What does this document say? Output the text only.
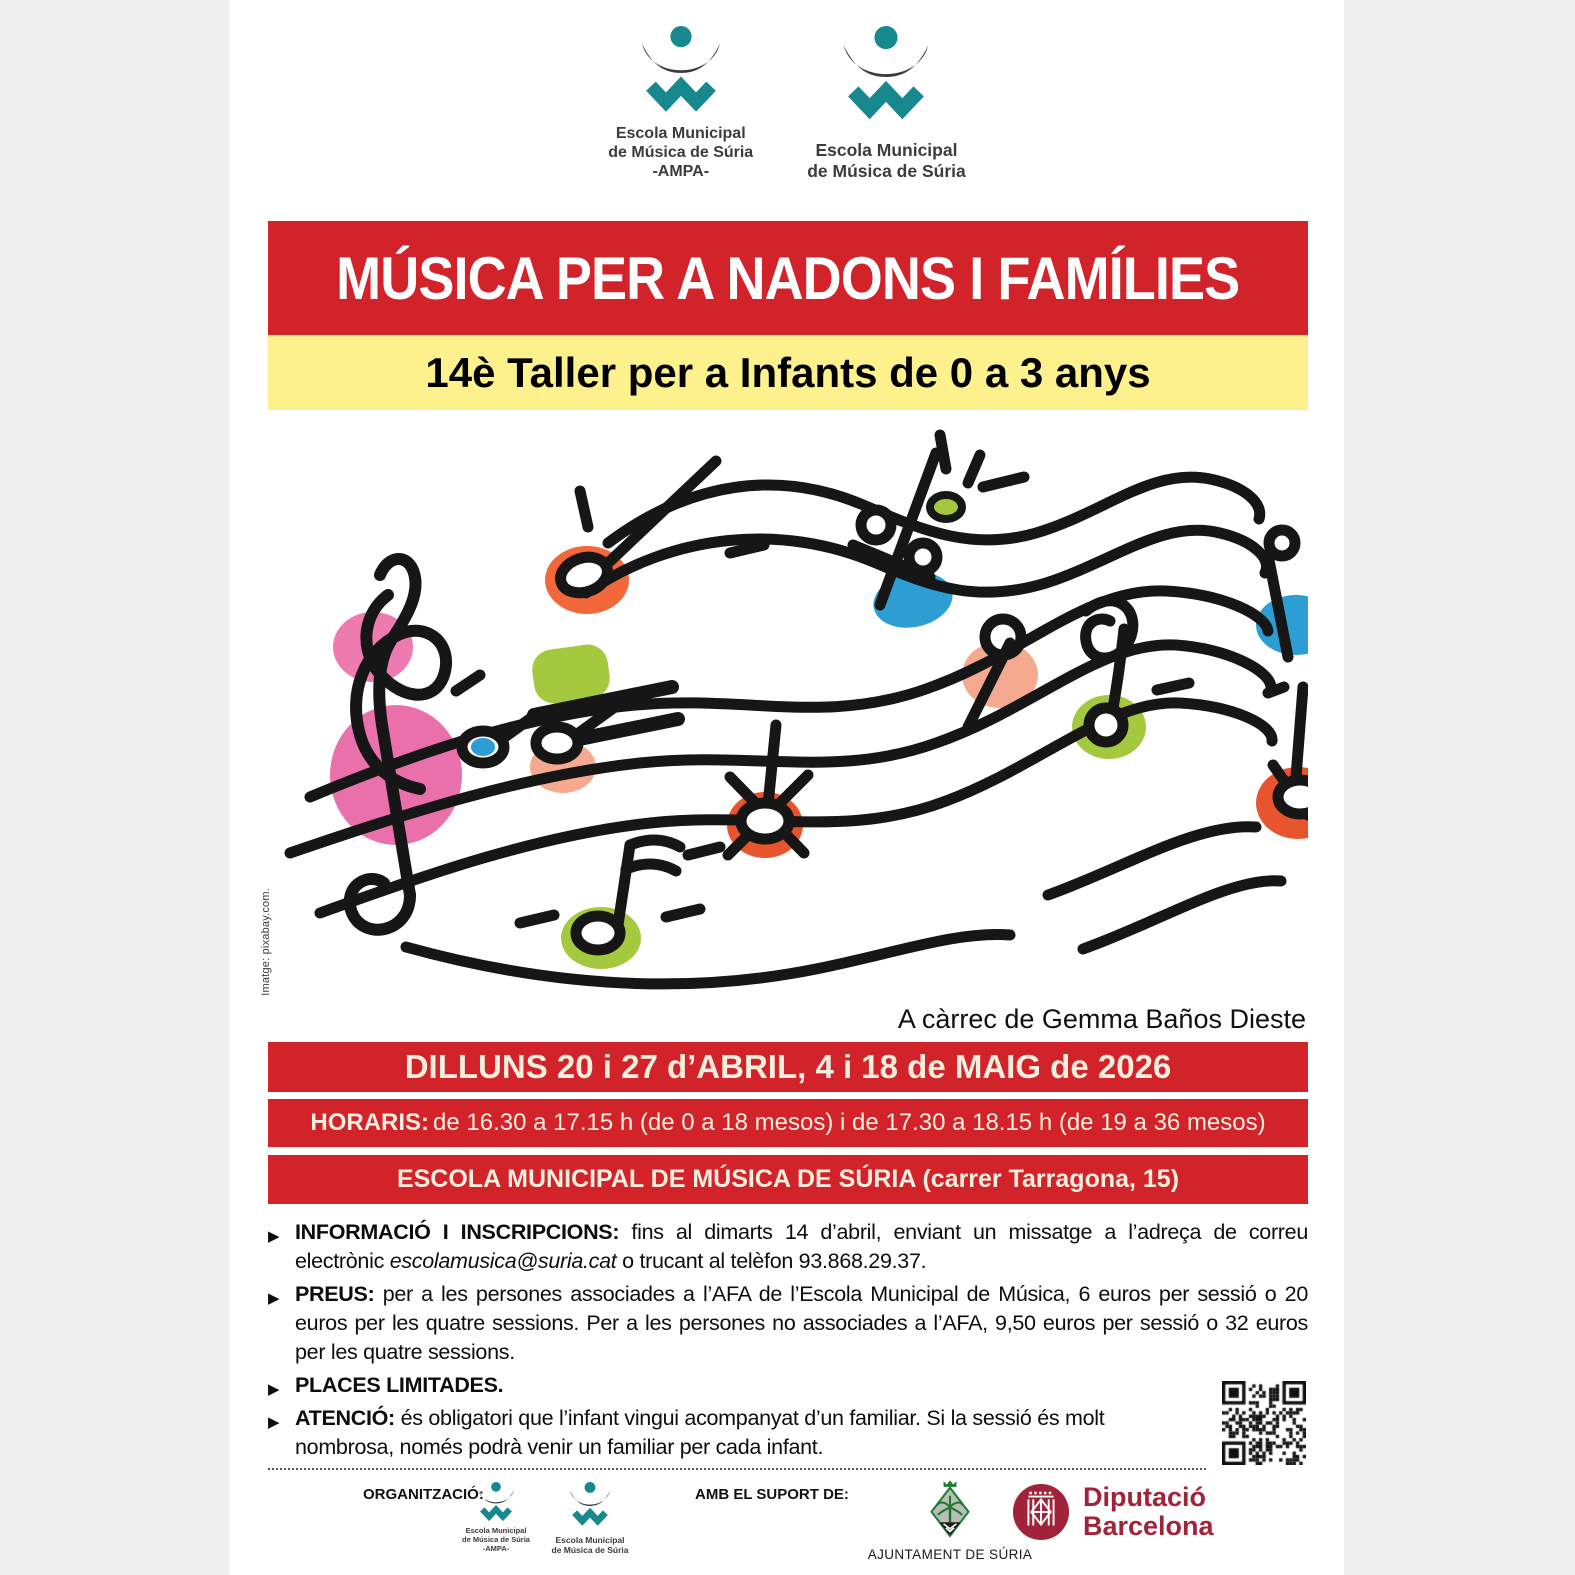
Escola Municipal
de Música de Súria
-AMPA-
Escola Municipal
de Música de Súria
MÚSICA PER A NADONS I FAMÍLIES
14è Taller per a Infants de 0 a 3 anys
Imatge: pixabay.com.
A càrrec de Gemma Baños Dieste
DILLUNS 20 i 27 d’ABRIL, 4 i 18 de MAIG de 2026
HORARIS: de 16.30 a 17.15 h (de 0 a 18 mesos) i de 17.30 a 18.15 h (de 19 a 36 mesos)
ESCOLA MUNICIPAL DE MÚSICA DE SÚRIA (carrer Tarragona, 15)
▶ INFORMACIÓ I INSCRIPCIONS: fins al dimarts 14 d’abril, enviant un missatge a l’adreça de correu electrònic escolamusica@suria.cat o trucant al telèfon 93.868.29.37.
▶ PREUS: per a les persones associades a l’AFA de l’Escola Municipal de Música, 6 euros per sessió o 20 euros per les quatre sessions. Per a les persones no associades a l’AFA, 9,50 euros per sessió o 32 euros per les quatre sessions.
▶ PLACES LIMITADES.
▶ ATENCIÓ: és obligatori que l’infant vingui acompanyat d’un familiar. Si la sessió és molt nombrosa, només podrà venir un familiar per cada infant.
ORGANITZACIÓ:
Escola Municipal
de Música de Súria
-AMPA-
Escola Municipal
de Música de Súria
AMB EL SUPORT DE:
AJUNTAMENT DE SÚRIA
Diputació
Barcelona
